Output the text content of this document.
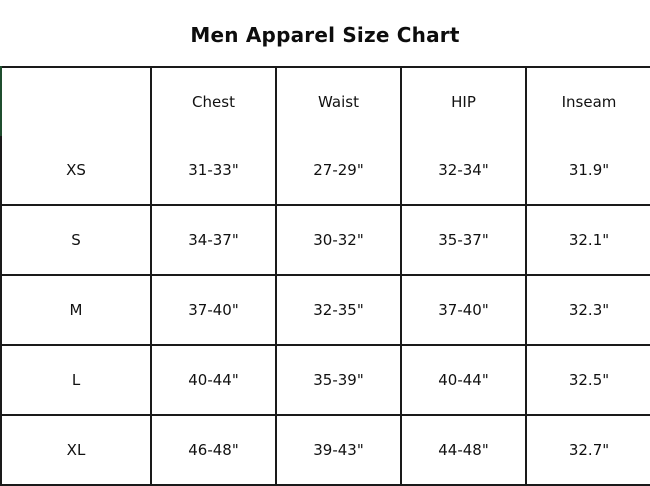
Men Apparel Size Chart
	Chest	Waist	HIP	Inseam
XS	31-33"	27-29"	32-34"	31.9"
S	34-37"	30-32"	35-37"	32.1"
M	37-40"	32-35"	37-40"	32.3"
L	40-44"	35-39"	40-44"	32.5"
XL	46-48"	39-43"	44-48"	32.7"
